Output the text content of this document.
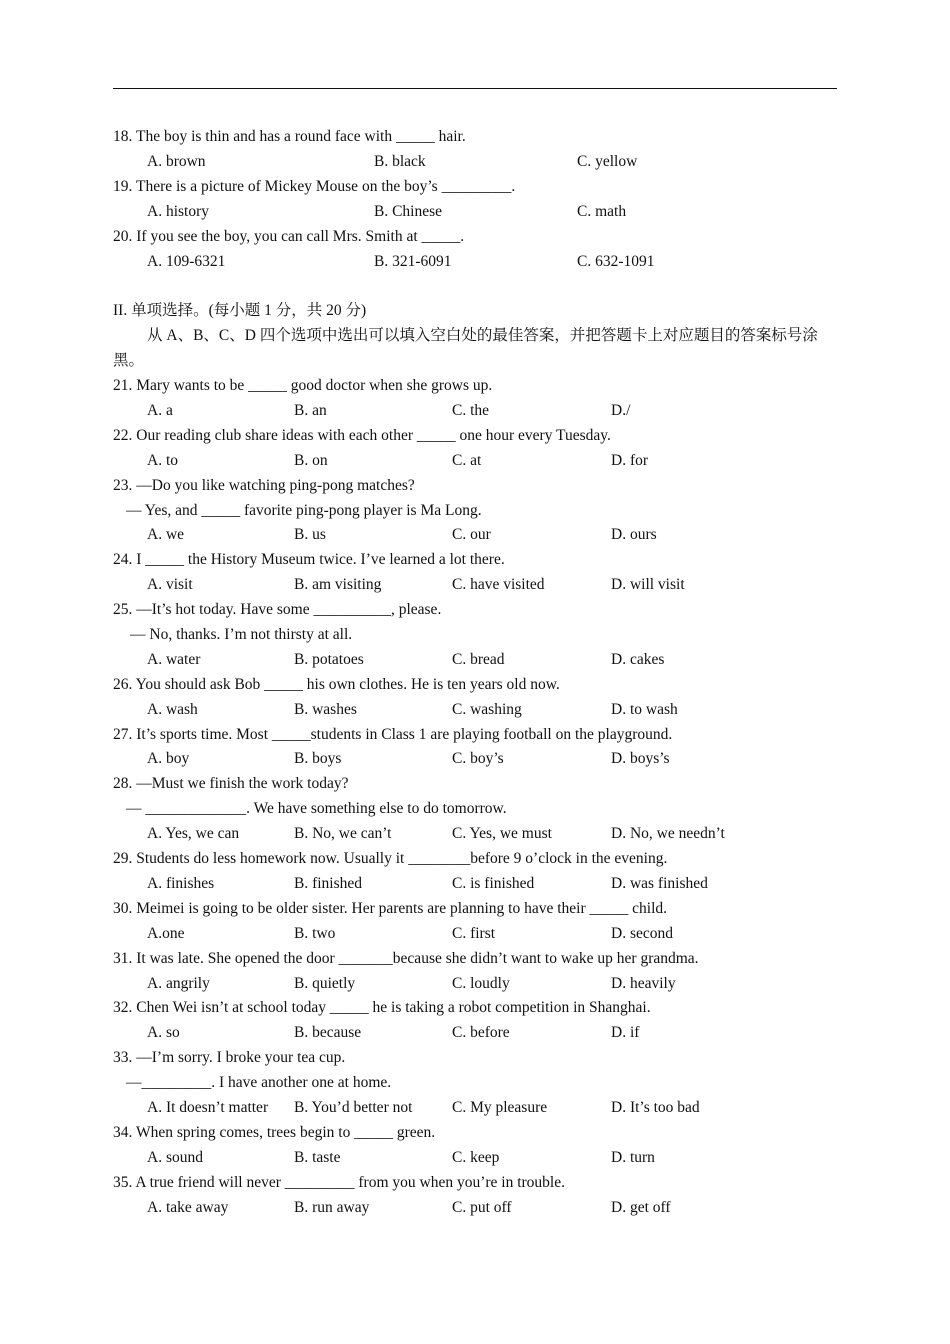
18. The boy is thin and has a round face with _____ hair.
A. brown	B. black	C. yellow
19. There is a picture of Mickey Mouse on the boy’s _________.
A. history	B. Chinese	C. math
20. If you see the boy, you can call Mrs. Smith at _____.
A. 109-6321	B. 321-6091	C. 632-1091
II. 单项选择。(每小题 1 分，共 20 分)
从 A、B、C、D 四个选项中选出可以填入空白处的最佳答案，并把答题卡上对应题目的答案标号涂黑。
21. Mary wants to be _____ good doctor when she grows up.
A. a	B. an	C. the	D./
22. Our reading club share ideas with each other _____ one hour every Tuesday.
A. to	B. on	C. at	D. for
23. —Do you like watching ping-pong matches?
— Yes, and _____ favorite ping-pong player is Ma Long.
A. we	B. us	C. our	D. ours
24. I _____ the History Museum twice. I’ve learned a lot there.
A. visit	B. am visiting	C. have visited	D. will visit
25. —It’s hot today. Have some __________, please.
— No, thanks. I’m not thirsty at all.
A. water	B. potatoes	C. bread	D. cakes
26. You should ask Bob _____ his own clothes. He is ten years old now.
A. wash	B. washes	C. washing	D. to wash
27. It’s sports time. Most _____students in Class 1 are playing football on the playground.
A. boy	B. boys	C. boy’s	D. boys’s
28. —Must we finish the work today?
— _____________. We have something else to do tomorrow.
A. Yes, we can	B. No, we can’t	C. Yes, we must	D. No, we needn’t
29. Students do less homework now. Usually it ________before 9 o’clock in the evening.
A. finishes	B. finished	C. is finished	D. was finished
30. Meimei is going to be older sister. Her parents are planning to have their _____ child.
A.one	B. two	C. first	D. second
31. It was late. She opened the door _______because she didn’t want to wake up her grandma.
A. angrily	B. quietly	C. loudly	D. heavily
32. Chen Wei isn’t at school today _____ he is taking a robot competition in Shanghai.
A. so	B. because	C. before	D. if
33. —I’m sorry. I broke your tea cup.
—_________. I have another one at home.
A. It doesn’t matter B. You’d better not	C. My pleasure	D. It’s too bad
34. When spring comes, trees begin to _____ green.
A. sound	B. taste	C. keep	D. turn
35. A true friend will never _________ from you when you’re in trouble.
A. take away	B. run away	C. put off	D. get off
